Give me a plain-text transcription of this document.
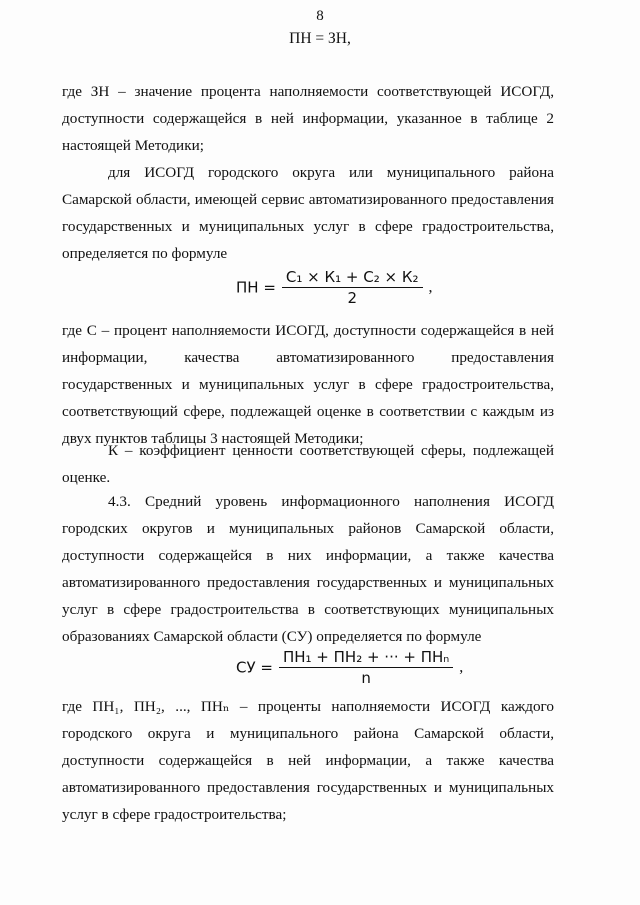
8
ПН = ЗН,

где ЗН – значение процента наполняемости соответствующей ИСОГД, доступности содержащейся в ней информации, указанное в таблице 2 настоящей Методики;

для ИСОГД городского округа или муниципального района Самарской области, имеющей сервис автоматизированного предоставления государственных и муниципальных услуг в сфере градостроительства, определяется по формуле

ПН = $\frac{\text{С₁ × К₁ + С₂ × К₂}}{2}$ ,

где С – процент наполняемости ИСОГД, доступности содержащейся в ней информации, качества автоматизированного предоставления государственных и муниципальных услуг в сфере градостроительства, соответствующий сфере, подлежащей оценке в соответствии с каждым из двух пунктов таблицы 3 настоящей Методики;

К – коэффициент ценности соответствующей сферы, подлежащей оценке.

4.3. Средний уровень информационного наполнения ИСОГД городских округов и муниципальных районов Самарской области, доступности содержащейся в них информации, а также качества автоматизированного предоставления государственных и муниципальных услуг в сфере градостроительства в соответствующих муниципальных образованиях Самарской области (СУ) определяется по формуле

СУ = $\frac{\text{ПН₁ + ПН₂ + ··· + ПНₙ}}{n}$ ,

где ПН₁, ПН₂, ..., ПНₙ – проценты наполняемости ИСОГД каждого городского округа и муниципального района Самарской области, доступности содержащейся в ней информации, а также качества автоматизированного предоставления государственных и муниципальных услуг в сфере градостроительства;
